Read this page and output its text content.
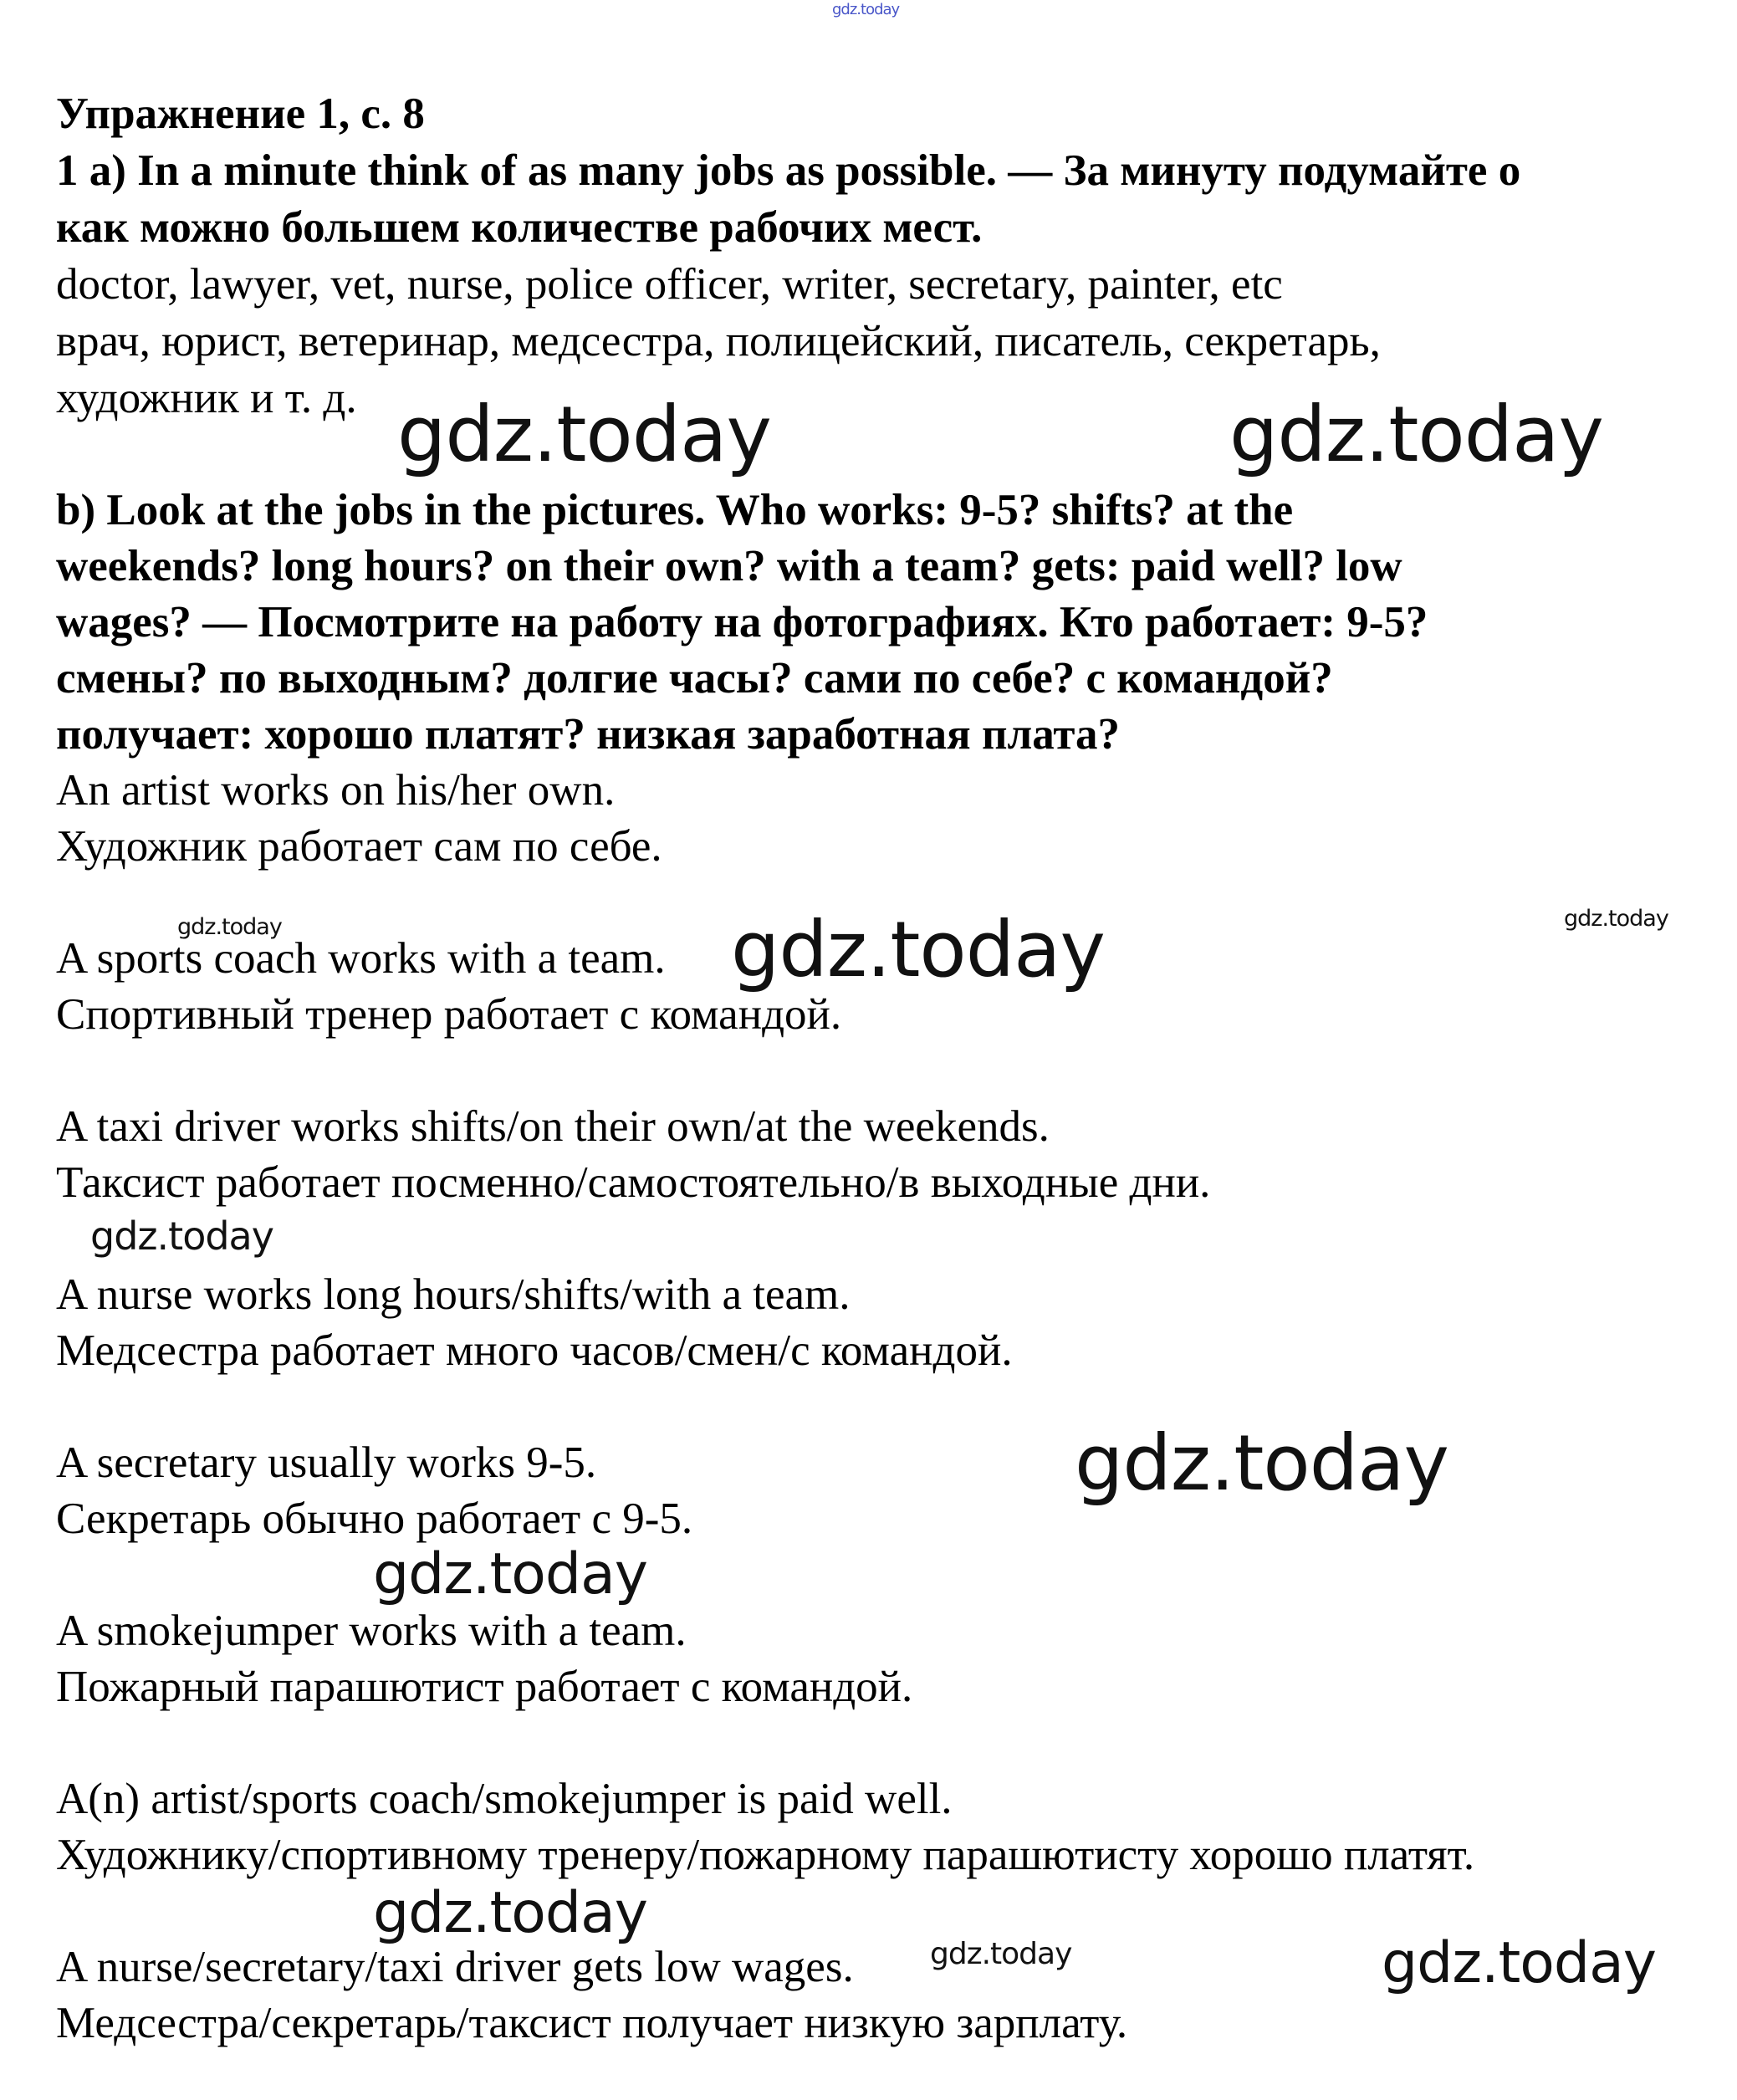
gdz.today
Упражнение 1, с. 8
1 a) In a minute think of as many jobs as possible. — За минуту подумайте о
как можно большем количестве рабочих мест.
doctor, lawyer, vet, nurse, police officer, writer, secretary, painter, etc
врач, юрист, ветеринар, медсестра, полицейский, писатель, секретарь,
художник и т. д. gdz.today	gdz.today
b) Look at the jobs in the pictures. Who works: 9-5? shifts? at the
weekends? long hours? on their own? with a team? gets: paid well? low
wages? — Посмотрите на работу на фотографиях. Кто работает: 9-5?
смены? по выходным? долгие часы? сами по себе? с командой?
получает: хорошо платят? низкая заработная плата?
An artist works on his/her own.
Художник работает сам по себе.
gdz.today	gdz.today
A sports coach works with a team. gdz.today
Спортивный тренер работает с командой.
A taxi driver works shifts/on their own/at the weekends.
Таксист работает посменно/самостоятельно/в выходные дни.
gdz.today
A nurse works long hours/shifts/with a team.
Медсестра работает много часов/смен/с командой.
A secretary usually works 9-5.	gdz.today
Секретарь обычно работает с 9-5.
gdz.today
A smokejumper works with a team.
Пожарный парашютист работает с командой.
A(n) artist/sports coach/smokejumper is paid well.
Художнику/спортивному тренеру/пожарному парашютисту хорошо платят.
gdz.today
A nurse/secretary/taxi driver gets low wages.	gdz.today	gdz.today
Медсестра/секретарь/таксист получает низкую зарплату.
